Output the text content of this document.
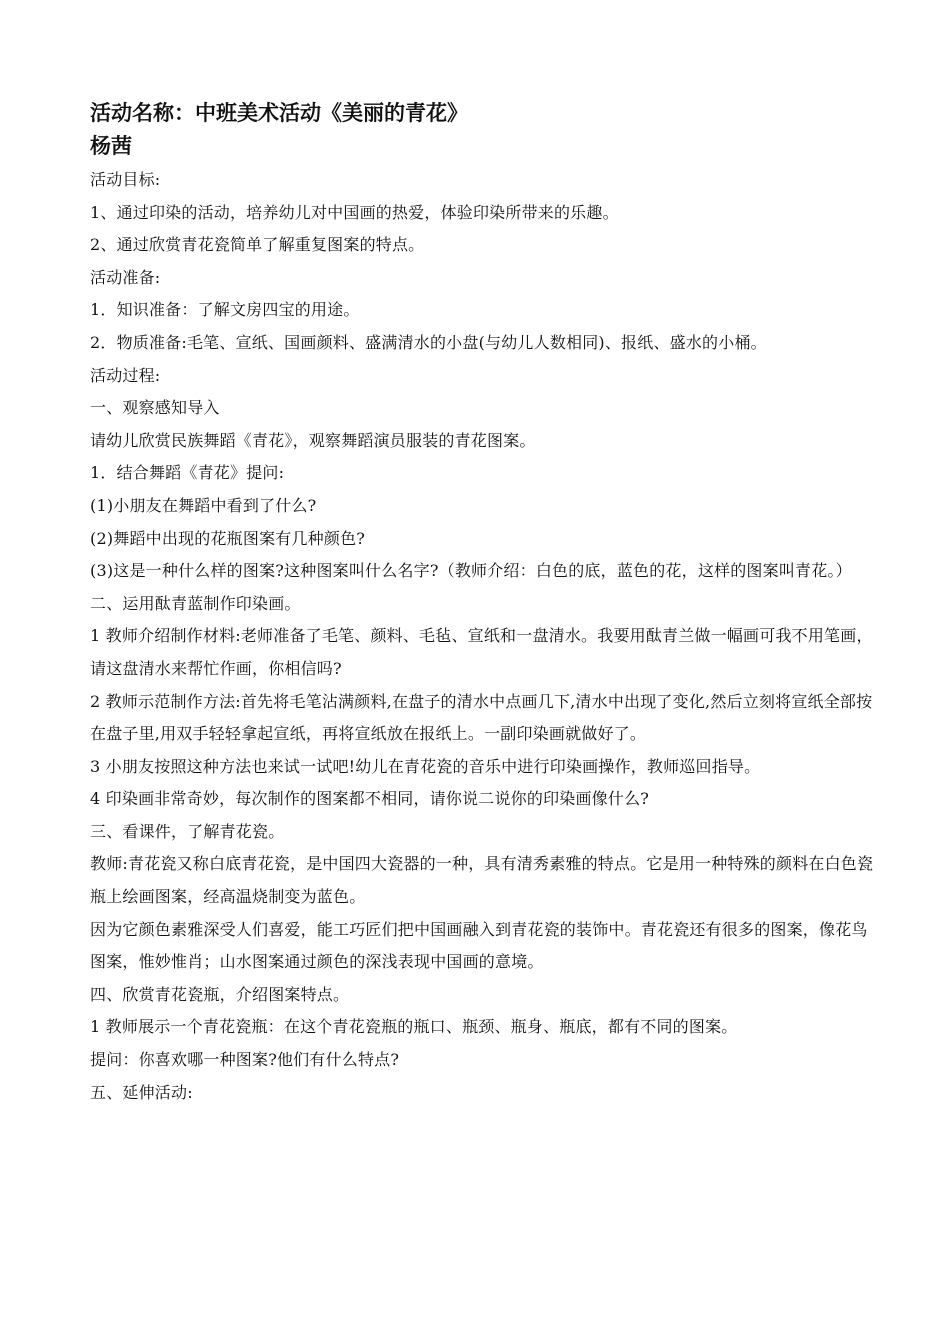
活动名称：中班美术活动《美丽的青花》
杨茜

活动目标:

1、通过印染的活动，培养幼儿对中国画的热爱，体验印染所带来的乐趣。

2、通过欣赏青花瓷简单了解重复图案的特点。

活动准备:

1．知识准备：了解文房四宝的用途。

2．物质准备:毛笔、宣纸、国画颜料、盛满清水的小盘(与幼儿人数相同)、报纸、盛水的小桶。

活动过程:

一、观察感知导入

请幼儿欣赏民族舞蹈《青花》，观察舞蹈演员服装的青花图案。

1．结合舞蹈《青花》提问:

(1)小朋友在舞蹈中看到了什么?

(2)舞蹈中出现的花瓶图案有几种颜色?

(3)这是一种什么样的图案?这种图案叫什么名字?（教师介绍：白色的底，蓝色的花，这样的图案叫青花。）

二、运用酞青蓝制作印染画。

1 教师介绍制作材料:老师准备了毛笔、颜料、毛毡、宣纸和一盘清水。我要用酞青兰做一幅画可我不用笔画，请这盘清水来帮忙作画，你相信吗?

2 教师示范制作方法:首先将毛笔沾满颜料,在盘子的清水中点画几下,清水中出现了变化,然后立刻将宣纸全部按在盘子里,用双手轻轻拿起宣纸，再将宣纸放在报纸上。一副印染画就做好了。

3 小朋友按照这种方法也来试一试吧!幼儿在青花瓷的音乐中进行印染画操作，教师巡回指导。

4 印染画非常奇妙，每次制作的图案都不相同，请你说二说你的印染画像什么?

三、看课件，了解青花瓷。

教师:青花瓷又称白底青花瓷，是中国四大瓷器的一种，具有清秀素雅的特点。它是用一种特殊的颜料在白色瓷瓶上绘画图案，经高温烧制变为蓝色。

因为它颜色素雅深受人们喜爱，能工巧匠们把中国画融入到青花瓷的装饰中。青花瓷还有很多的图案，像花鸟图案，惟妙惟肖；山水图案通过颜色的深浅表现中国画的意境。

四、欣赏青花瓷瓶，介绍图案特点。

1 教师展示一个青花瓷瓶：在这个青花瓷瓶的瓶口、瓶颈、瓶身、瓶底，都有不同的图案。

提问：你喜欢哪一种图案?他们有什么特点?

五、延伸活动:
